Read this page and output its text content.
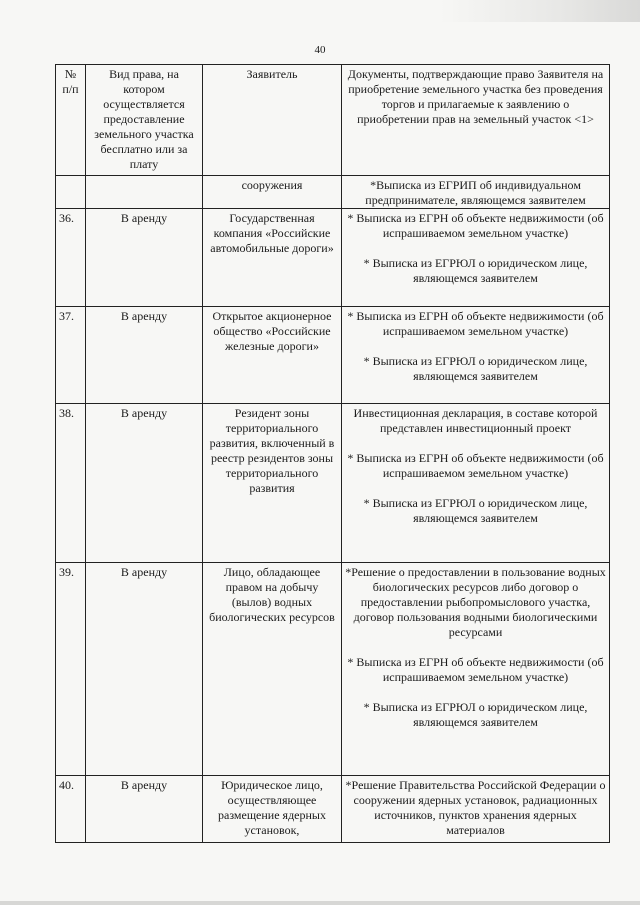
40
№ п/п	Вид права, на котором осуществляется предоставление земельного участка бесплатно или за плату	Заявитель	Документы, подтверждающие право Заявителя на приобретение земельного участка без проведения торгов и прилагаемые к заявлению о приобретении прав на земельный участок <1>
		сооружения	*Выписка из ЕГРИП об индивидуальном предпринимателе, являющемся заявителем

36.	В аренду	Государственная компания «Российские автомобильные дороги»	* Выписка из ЕГРН об объекте недвижимости (об испрашиваемом земельном участке)
* Выписка из ЕГРЮЛ о юридическом лице, являющемся заявителем

37.	В аренду	Открытое акционерное общество «Российские железные дороги»	* Выписка из ЕГРН об объекте недвижимости (об испрашиваемом земельном участке)
* Выписка из ЕГРЮЛ о юридическом лице, являющемся заявителем

38.	В аренду	Резидент зоны территориального развития, включенный в реестр резидентов зоны территориального развития	Инвестиционная декларация, в составе которой представлен инвестиционный проект
* Выписка из ЕГРН об объекте недвижимости (об испрашиваемом земельном участке)
* Выписка из ЕГРЮЛ о юридическом лице, являющемся заявителем

39.	В аренду	Лицо, обладающее правом на добычу (вылов) водных биологических ресурсов	*Решение о предоставлении в пользование водных биологических ресурсов либо договор о предоставлении рыбопромыслового участка, договор пользования водными биологическими ресурсами
* Выписка из ЕГРН об объекте недвижимости (об испрашиваемом земельном участке)
* Выписка из ЕГРЮЛ о юридическом лице, являющемся заявителем

40.	В аренду	Юридическое лицо, осуществляющее размещение ядерных установок,	*Решение Правительства Российской Федерации о сооружении ядерных установок, радиационных источников, пунктов хранения ядерных материалов
